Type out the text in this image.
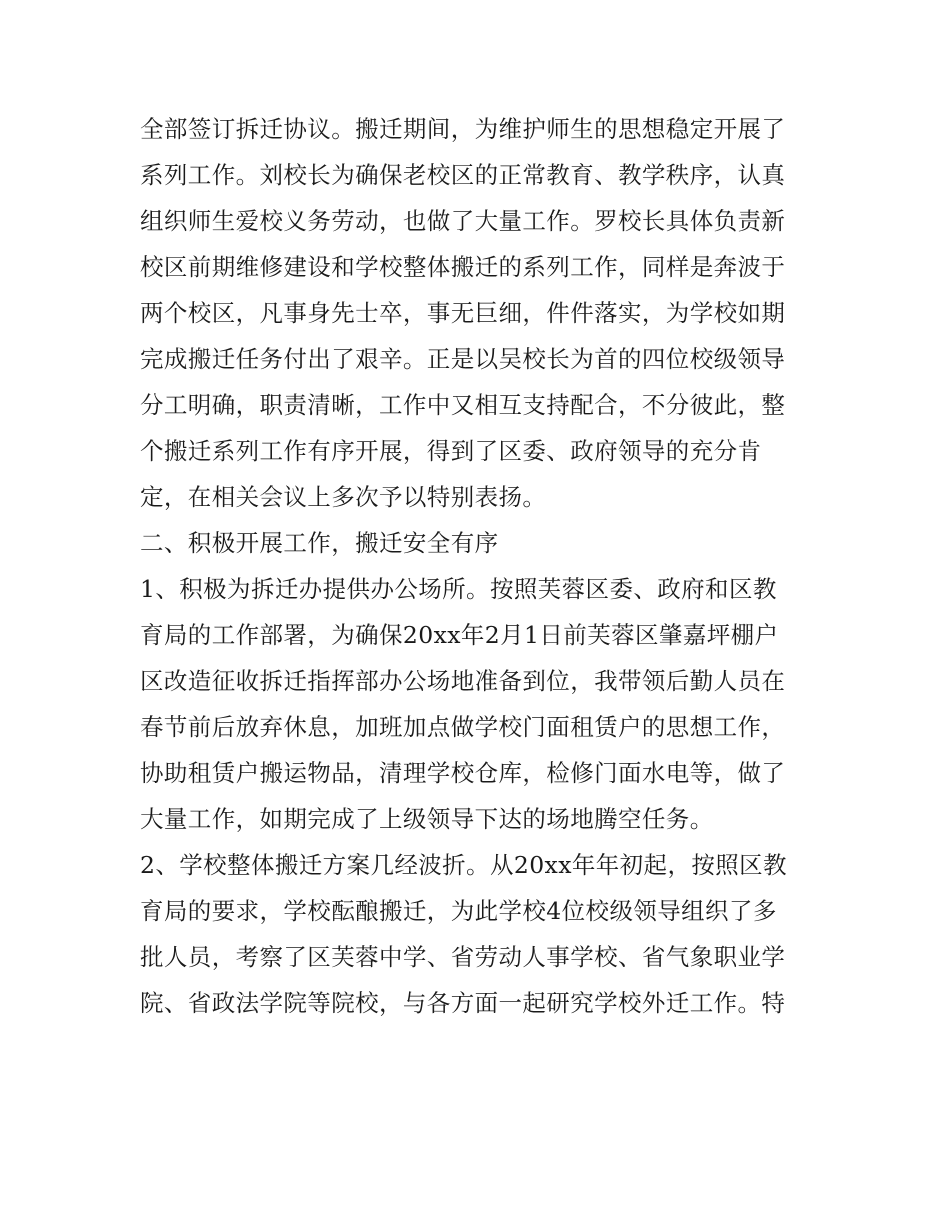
全部签订拆迁协议。搬迁期间，为维护师生的思想稳定开展了
系列工作。刘校长为确保老校区的正常教育、教学秩序，认真
组织师生爱校义务劳动，也做了大量工作。罗校长具体负责新
校区前期维修建设和学校整体搬迁的系列工作，同样是奔波于
两个校区，凡事身先士卒，事无巨细，件件落实，为学校如期
完成搬迁任务付出了艰辛。正是以吴校长为首的四位校级领导
分工明确，职责清晰，工作中又相互支持配合，不分彼此，整
个搬迁系列工作有序开展，得到了区委、政府领导的充分肯
定，在相关会议上多次予以特别表扬。
二、积极开展工作，搬迁安全有序
1、积极为拆迁办提供办公场所。按照芙蓉区委、政府和区教
育局的工作部署，为确保20xx年2月1日前芙蓉区肇嘉坪棚户
区改造征收拆迁指挥部办公场地准备到位，我带领后勤人员在
春节前后放弃休息，加班加点做学校门面租赁户的思想工作，
协助租赁户搬运物品，清理学校仓库，检修门面水电等，做了
大量工作，如期完成了上级领导下达的场地腾空任务。
2、学校整体搬迁方案几经波折。从20xx年年初起，按照区教
育局的要求，学校酝酿搬迁，为此学校4位校级领导组织了多
批人员，考察了区芙蓉中学、省劳动人事学校、省气象职业学
院、省政法学院等院校，与各方面一起研究学校外迁工作。特
